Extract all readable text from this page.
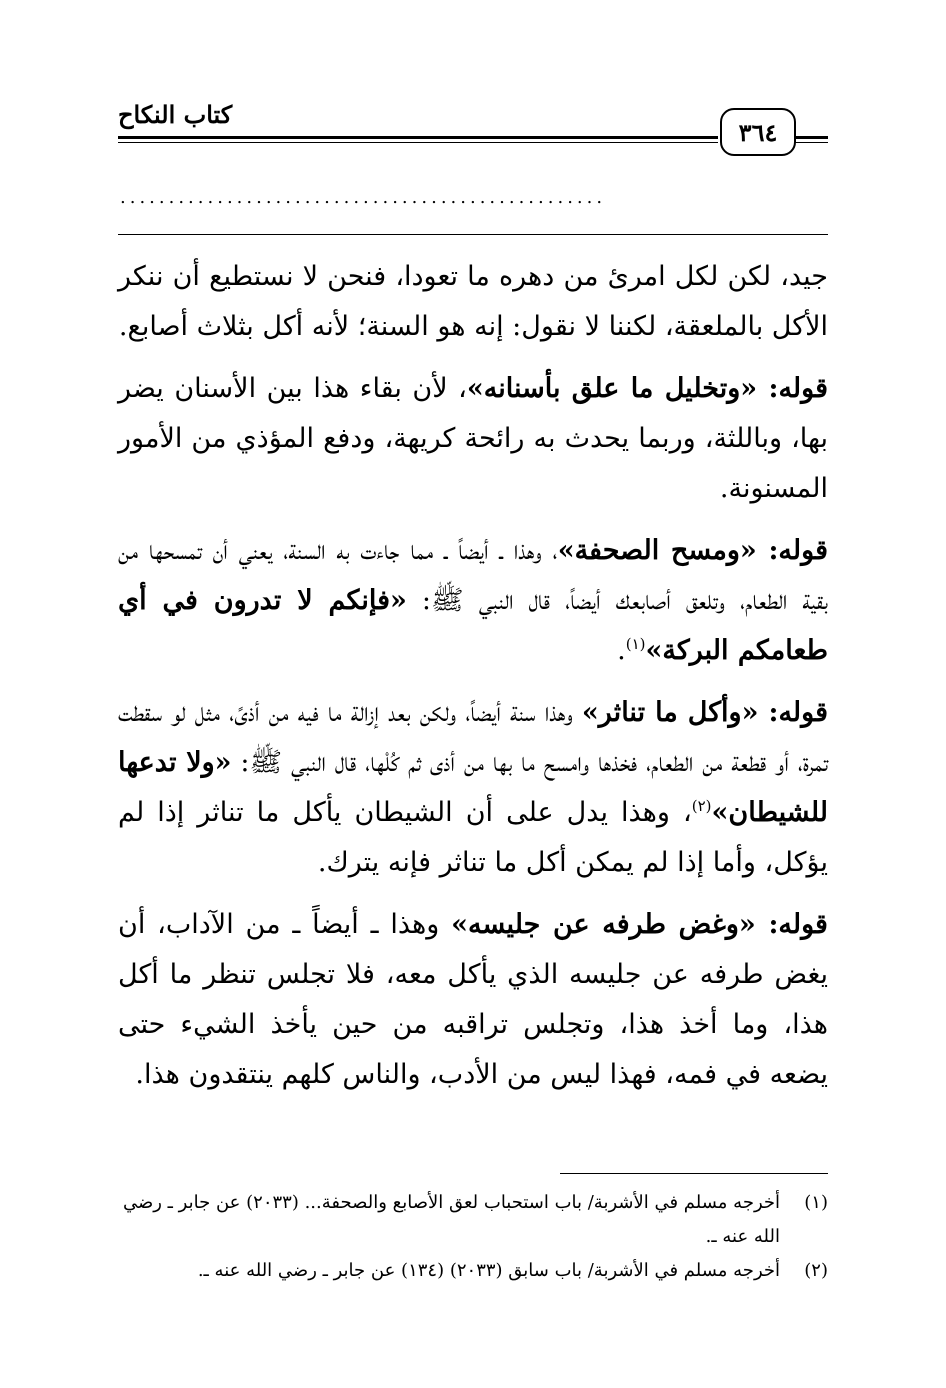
كتاب النكاح
٣٦٤
..................................................

جيد، لكن لكل امرئ من دهره ما تعودا، فنحن لا نستطيع أن ننكر الأكل بالملعقة، لكننا لا نقول: إنه هو السنة؛ لأنه أكل بثلاث أصابع.

قوله: «وتخليل ما علق بأسنانه»، لأن بقاء هذا بين الأسنان يضر بها، وباللثة، وربما يحدث به رائحة كريهة، ودفع المؤذي من الأمور المسنونة.

قوله: «ومسح الصحفة»، وهذا ـ أيضاً ـ مما جاءت به السنة، يعني أن تمسحها من بقية الطعام، وتلعق أصابعك أيضاً، قال النبي ﷺ: «فإنكم لا تدرون في أي طعامكم البركة»$^{(١)}$.

قوله: «وأكل ما تناثر» وهذا سنة أيضاً، ولكن بعد إزالة ما فيه من أذىً، مثل لو سقطت تمرة، أو قطعة من الطعام، فخذها وامسح ما بها من أذى ثم كُلْها، قال النبي ﷺ: «ولا تدعها للشيطان»$^{(٢)}$، وهذا يدل على أن الشيطان يأكل ما تناثر إذا لم يؤكل، وأما إذا لم يمكن أكل ما تناثر فإنه يترك.

قوله: «وغض طرفه عن جليسه» وهذا ـ أيضاً ـ من الآداب، أن يغض طرفه عن جليسه الذي يأكل معه، فلا تجلس تنظر ما أكل هذا، وما أخذ هذا، وتجلس تراقبه من حين يأخذ الشيء حتى يضعه في فمه، فهذا ليس من الأدب، والناس كلهم ينتقدون هذا.

(١)
أخرجه مسلم في الأشربة/ باب استحباب لعق الأصابع والصحفة... (٢٠٣٣) عن جابر ـ رضي الله عنه ـ.
(٢)
أخرجه مسلم في الأشربة/ باب سابق (٢٠٣٣) (١٣٤) عن جابر ـ رضي الله عنه ـ.
